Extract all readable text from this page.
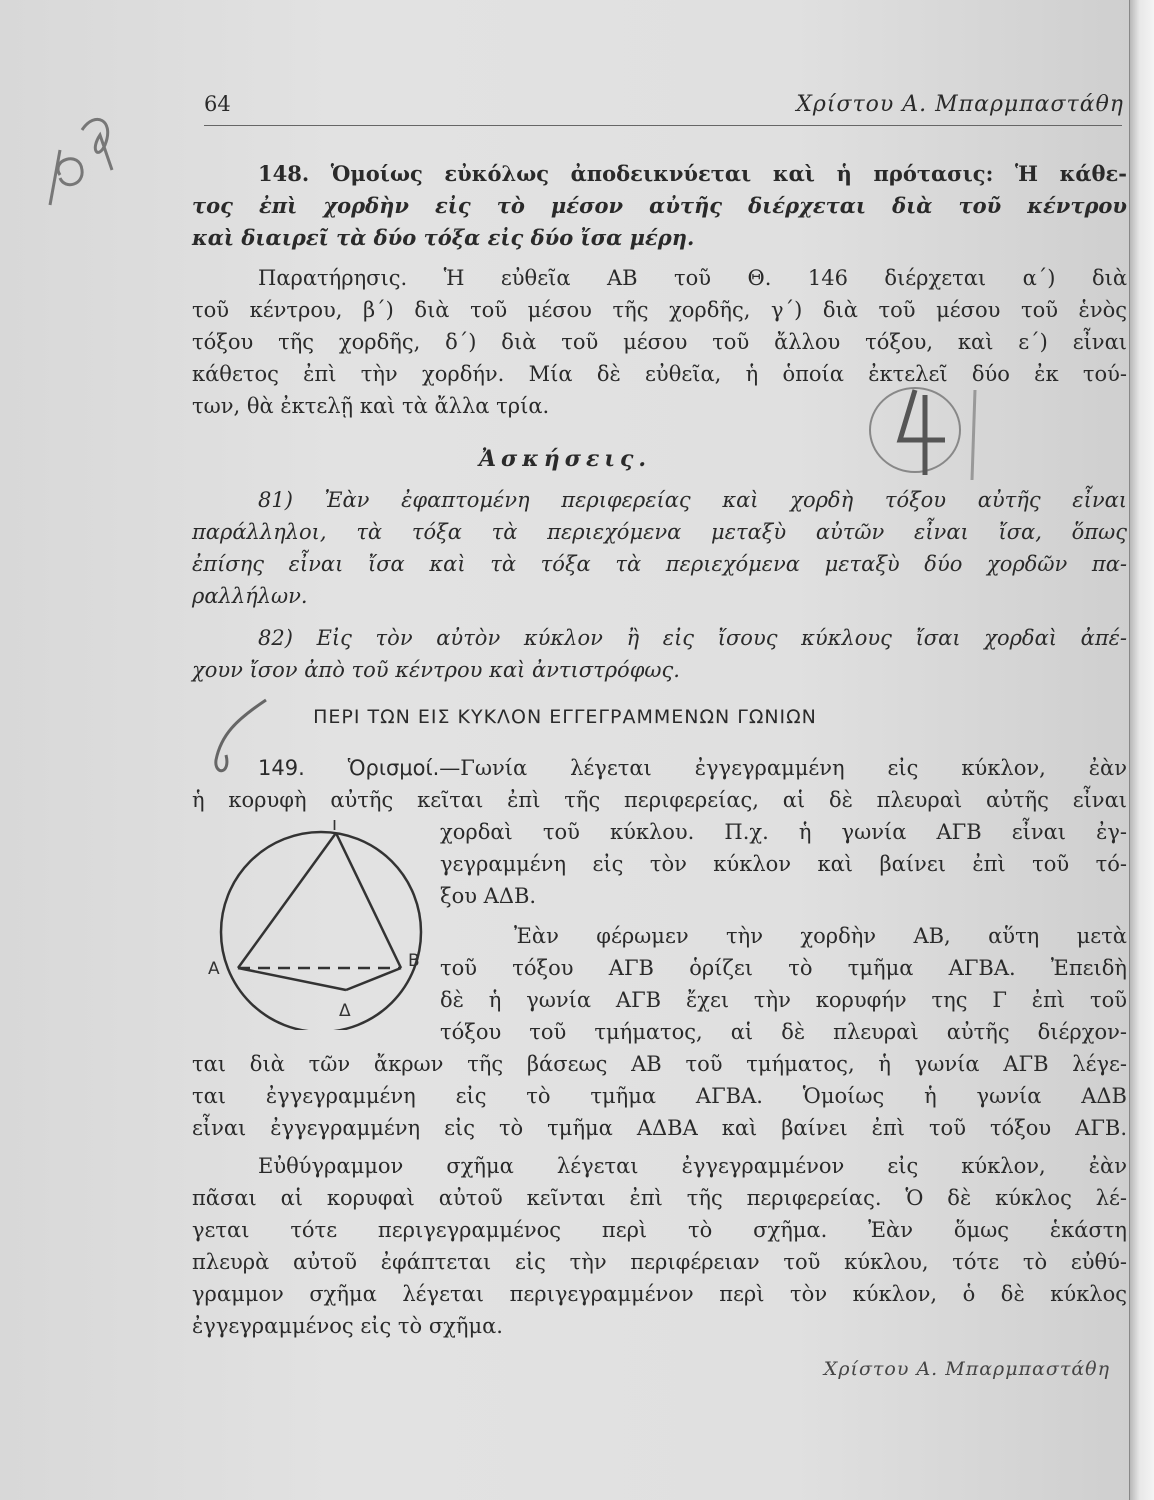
64	Χρίστου Α. Μπαρμπαστάθη
148. Ὁμοίως εὐκόλως ἀποδεικνύεται καὶ ἡ πρότασις: Ἡ κάθε-
τος ἐπὶ χορδὴν εἰς τὸ μέσον αὐτῆς διέρχεται διὰ τοῦ κέντρου
καὶ διαιρεῖ τὰ δύο τόξα εἰς δύο ἴσα μέρη.
Παρατήρησις. Ἡ εὐθεῖα ΑΒ τοῦ Θ. 146 διέρχεται α΄) διὰ
τοῦ κέντρου, β΄) διὰ τοῦ μέσου τῆς χορδῆς, γ΄) διὰ τοῦ μέσου τοῦ ἑνὸς
τόξου τῆς χορδῆς, δ΄) διὰ τοῦ μέσου τοῦ ἄλλου τόξου, καὶ ε΄) εἶναι
κάθετος ἐπὶ τὴν χορδήν. Μία δὲ εὐθεῖα, ἡ ὁποία ἐκτελεῖ δύο ἐκ τού-
των, θὰ ἐκτελῇ καὶ τὰ ἄλλα τρία.
Ἀσκήσεις.
81) Ἐὰν ἐφαπτομένη περιφερείας καὶ χορδὴ τόξου αὐτῆς εἶναι
παράλληλοι, τὰ τόξα τὰ περιεχόμενα μεταξὺ αὐτῶν εἶναι ἴσα, ὅπως
ἐπίσης εἶναι ἴσα καὶ τὰ τόξα τὰ περιεχόμενα μεταξὺ δύο χορδῶν πα-
ραλλήλων.
82) Εἰς τὸν αὐτὸν κύκλον ἢ εἰς ἴσους κύκλους ἴσαι χορδαὶ ἀπέ-
χουν ἴσον ἀπὸ τοῦ κέντρου καὶ ἀντιστρόφως.
ΠΕΡΙ ΤΩΝ ΕΙΣ ΚΥΚΛΟΝ ΕΓΓΕΓΡΑΜΜΕΝΩΝ ΓΩΝΙΩΝ
149. Ὁρισμοί.—Γωνία λέγεται ἐγγεγραμμένη εἰς κύκλον, ἐὰν
ἡ κορυφὴ αὐτῆς κεῖται ἐπὶ τῆς περιφερείας, αἱ δὲ πλευραὶ αὐτῆς εἶναι
χορδαὶ τοῦ κύκλου. Π.χ. ἡ γωνία ΑΓΒ εἶναι ἐγ-
γεγραμμένη εἰς τὸν κύκλον καὶ βαίνει ἐπὶ τοῦ τό-
ξου ΑΔΒ.
Ἐὰν φέρωμεν τὴν χορδὴν ΑΒ, αὕτη μετὰ
τοῦ τόξου ΑΓΒ ὁρίζει τὸ τμῆμα ΑΓΒΑ. Ἐπειδὴ
δὲ ἡ γωνία ΑΓΒ ἔχει τὴν κορυφήν της Γ ἐπὶ τοῦ
τόξου τοῦ τμήματος, αἱ δὲ πλευραὶ αὐτῆς διέρχον-
ται διὰ τῶν ἄκρων τῆς βάσεως ΑΒ τοῦ τμήματος, ἡ γωνία ΑΓΒ λέγε-
ται ἐγγεγραμμένη εἰς τὸ τμῆμα ΑΓΒΑ. Ὁμοίως ἡ γωνία ΑΔΒ
εἶναι ἐγγεγραμμένη εἰς τὸ τμῆμα ΑΔΒΑ καὶ βαίνει ἐπὶ τοῦ τόξου ΑΓΒ.
Εὐθύγραμμον σχῆμα λέγεται ἐγγεγραμμένον εἰς κύκλον, ἐὰν
πᾶσαι αἱ κορυφαὶ αὐτοῦ κεῖνται ἐπὶ τῆς περιφερείας. Ὁ δὲ κύκλος λέ-
γεται τότε περιγεγραμμένος περὶ τὸ σχῆμα. Ἐὰν ὅμως ἑκάστη
πλευρὰ αὐτοῦ ἐφάπτεται εἰς τὴν περιφέρειαν τοῦ κύκλου, τότε τὸ εὐθύ-
γραμμον σχῆμα λέγεται περιγεγραμμένον περὶ τὸν κύκλον, ὁ δὲ κύκλος
ἐγγεγραμμένος εἰς τὸ σχῆμα.
Γ
Α	Β
Δ
Χρίστου Α. Μπαρμπαστάθη
